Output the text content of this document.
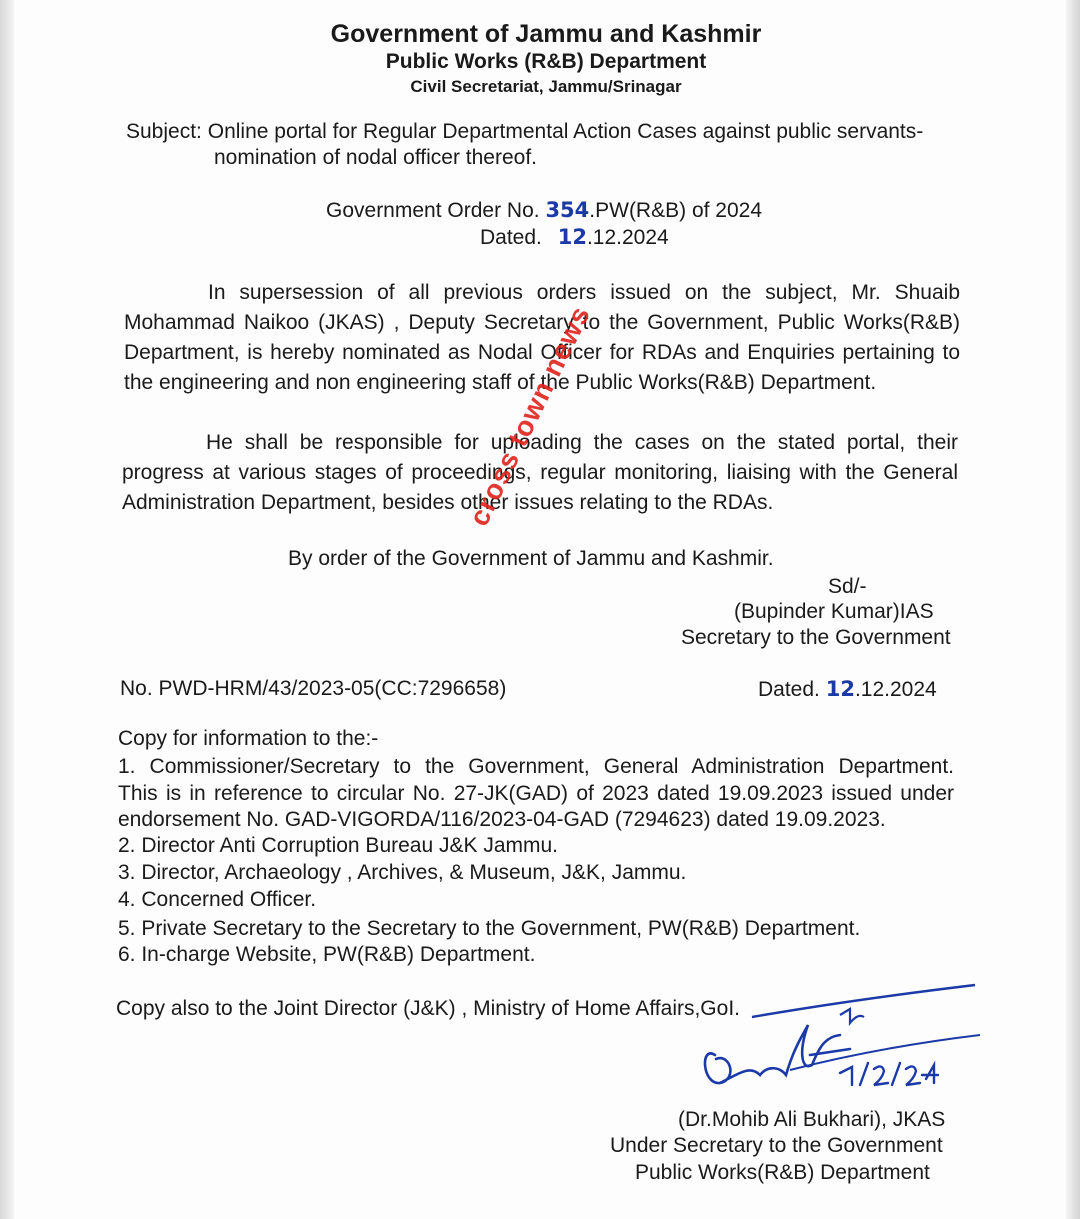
Government of Jammu and Kashmir
Public Works (R&B) Department
Civil Secretariat, Jammu/Srinagar
Subject: Online portal for Regular Departmental Action Cases against public servants-
nomination of nodal officer thereof.
Government Order No. 354.PW(R&B) of 2024
Dated. 12.12.2024
In supersession of all previous orders issued on the subject, Mr. Shuaib
Mohammad Naikoo (JKAS) , Deputy Secretary to the Government, Public Works(R&B)
Department, is hereby nominated as Nodal Officer for RDAs and Enquiries pertaining to
the engineering and non engineering staff of the Public Works(R&B) Department.
He shall be responsible for uploading the cases on the stated portal, their
progress at various stages of proceedings, regular monitoring, liaising with the General
Administration Department, besides other issues relating to the RDAs.
cross town news
By order of the Government of Jammu and Kashmir.
Sd/-
(Bupinder Kumar)IAS
Secretary to the Government
No. PWD-HRM/43/2023-05(CC:7296658)	Dated. 12.12.2024
Copy for information to the:-
1. Commissioner/Secretary to the Government, General Administration Department.
This is in reference to circular No. 27-JK(GAD) of 2023 dated 19.09.2023 issued under
endorsement No. GAD-VIGORDA/116/2023-04-GAD (7294623) dated 19.09.2023.
2. Director Anti Corruption Bureau J&K Jammu.
3. Director, Archaeology , Archives, & Museum, J&K, Jammu.
4. Concerned Officer.
5. Private Secretary to the Secretary to the Government, PW(R&B) Department.
6. In-charge Website, PW(R&B) Department.
Copy also to the Joint Director (J&K) , Ministry of Home Affairs,GoI.
(Dr.Mohib Ali Bukhari), JKAS
Under Secretary to the Government
Public Works(R&B) Department
